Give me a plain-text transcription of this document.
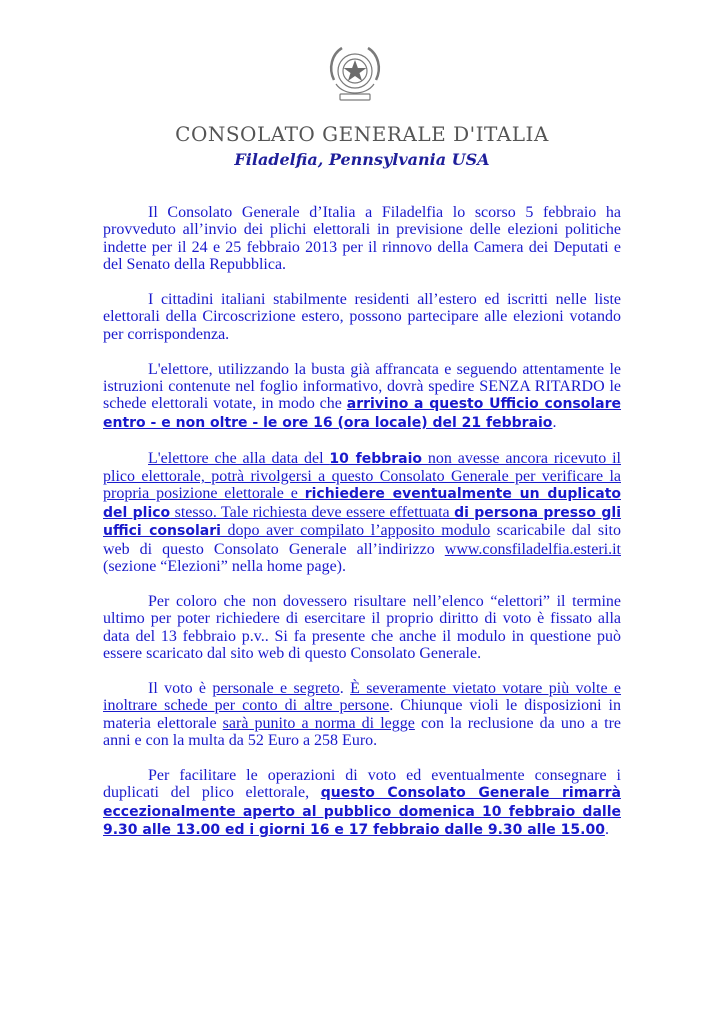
CONSOLATO GENERALE D'ITALIA
Filadelfia, Pennsylvania USA

Il Consolato Generale d’Italia a Filadelfia lo scorso 5 febbraio ha provveduto all’invio dei plichi elettorali in previsione delle elezioni politiche indette per il 24 e 25 febbraio 2013 per il rinnovo della Camera dei Deputati e del Senato della Repubblica.

I cittadini italiani stabilmente residenti all’estero ed iscritti nelle liste elettorali della Circoscrizione estero, possono partecipare alle elezioni votando per corrispondenza.

L'elettore, utilizzando la busta già affrancata e seguendo attentamente le istruzioni contenute nel foglio informativo, dovrà spedire SENZA RITARDO le schede elettorali votate, in modo che arrivino a questo Ufficio consolare entro - e non oltre - le ore 16 (ora locale) del 21 febbraio.

L'elettore che alla data del 10 febbraio non avesse ancora ricevuto il plico elettorale, potrà rivolgersi a questo Consolato Generale per verificare la propria posizione elettorale e richiedere eventualmente un duplicato del plico stesso. Tale richiesta deve essere effettuata di persona presso gli uffici consolari dopo aver compilato l’apposito modulo scaricabile dal sito web di questo Consolato Generale all’indirizzo www.consfiladelfia.esteri.it (sezione “Elezioni” nella home page).

Per coloro che non dovessero risultare nell’elenco “elettori” il termine ultimo per poter richiedere di esercitare il proprio diritto di voto è fissato alla data del 13 febbraio p.v.. Si fa presente che anche il modulo in questione può essere scaricato dal sito web di questo Consolato Generale.

Il voto è personale e segreto. È severamente vietato votare più volte e inoltrare schede per conto di altre persone. Chiunque violi le disposizioni in materia elettorale sarà punito a norma di legge con la reclusione da uno a tre anni e con la multa da 52 Euro a 258 Euro.

Per facilitare le operazioni di voto ed eventualmente consegnare i duplicati del plico elettorale, questo Consolato Generale rimarrà eccezionalmente aperto al pubblico domenica 10 febbraio dalle 9.30 alle 13.00 ed i giorni 16 e 17 febbraio dalle 9.30 alle 15.00.
